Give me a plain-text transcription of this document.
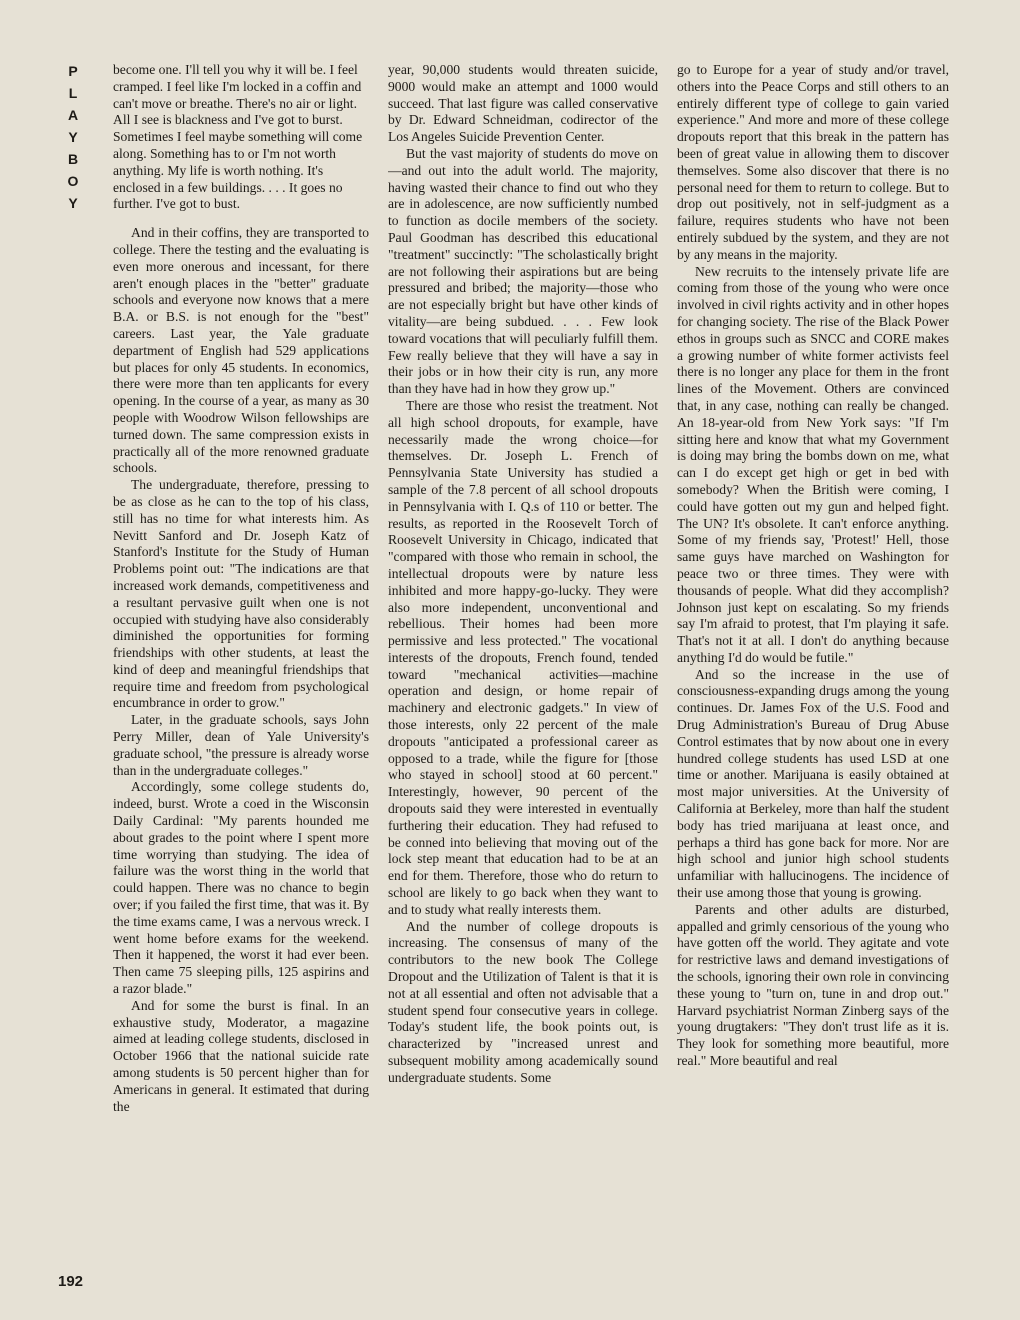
P
L
A
Y
B
O
Y

become one. I'll tell you why it will be. I feel cramped. I feel like I'm locked in a coffin and can't move or breathe. There's no air or light. All I see is blackness and I've got to burst. Sometimes I feel maybe something will come along. Something has to or I'm not worth anything. My life is worth nothing. It's enclosed in a few buildings. . . . It goes no further. I've got to bust.

And in their coffins, they are transported to college. There the testing and the evaluating is even more onerous and incessant, for there aren't enough places in the "better" graduate schools and everyone now knows that a mere B.A. or B.S. is not enough for the "best" careers. Last year, the Yale graduate department of English had 529 applications but places for only 45 students. In economics, there were more than ten applicants for every opening. In the course of a year, as many as 30 people with Woodrow Wilson fellowships are turned down. The same compression exists in practically all of the more renowned graduate schools.

The undergraduate, therefore, pressing to be as close as he can to the top of his class, still has no time for what interests him. As Nevitt Sanford and Dr. Joseph Katz of Stanford's Institute for the Study of Human Problems point out: "The indications are that increased work demands, competitiveness and a resultant pervasive guilt when one is not occupied with studying have also considerably diminished the opportunities for forming friendships with other students, at least the kind of deep and meaningful friendships that require time and freedom from psychological encumbrance in order to grow."

Later, in the graduate schools, says John Perry Miller, dean of Yale University's graduate school, "the pressure is already worse than in the undergraduate colleges."

Accordingly, some college students do, indeed, burst. Wrote a coed in the Wisconsin Daily Cardinal: "My parents hounded me about grades to the point where I spent more time worrying than studying. The idea of failure was the worst thing in the world that could happen. There was no chance to begin over; if you failed the first time, that was it. By the time exams came, I was a nervous wreck. I went home before exams for the weekend. Then it happened, the worst it had ever been. Then came 75 sleeping pills, 125 aspirins and a razor blade."

And for some the burst is final. In an exhaustive study, Moderator, a magazine aimed at leading college students, disclosed in October 1966 that the national suicide rate among students is 50 percent higher than for Americans in general. It estimated that during the

year, 90,000 students would threaten suicide, 9000 would make an attempt and 1000 would succeed. That last figure was called conservative by Dr. Edward Schneidman, codirector of the Los Angeles Suicide Prevention Center.

But the vast majority of students do move on—and out into the adult world. The majority, having wasted their chance to find out who they are in adolescence, are now sufficiently numbed to function as docile members of the society. Paul Goodman has described this educational "treatment" succinctly: "The scholastically bright are not following their aspirations but are being pressured and bribed; the majority—those who are not especially bright but have other kinds of vitality—are being subdued. . . . Few look toward vocations that will peculiarly fulfill them. Few really believe that they will have a say in their jobs or in how their city is run, any more than they have had in how they grow up."

There are those who resist the treatment. Not all high school dropouts, for example, have necessarily made the wrong choice—for themselves. Dr. Joseph L. French of Pennsylvania State University has studied a sample of the 7.8 percent of all school dropouts in Pennsylvania with I. Q.s of 110 or better. The results, as reported in the Roosevelt Torch of Roosevelt University in Chicago, indicated that "compared with those who remain in school, the intellectual dropouts were by nature less inhibited and more happy-go-lucky. They were also more independent, unconventional and rebellious. Their homes had been more permissive and less protected." The vocational interests of the dropouts, French found, tended toward "mechanical activities—machine operation and design, or home repair of machinery and electronic gadgets." In view of those interests, only 22 percent of the male dropouts "anticipated a professional career as opposed to a trade, while the figure for [those who stayed in school] stood at 60 percent." Interestingly, however, 90 percent of the dropouts said they were interested in eventually furthering their education. They had refused to be conned into believing that moving out of the lock step meant that education had to be at an end for them. Therefore, those who do return to school are likely to go back when they want to and to study what really interests them.

And the number of college dropouts is increasing. The consensus of many of the contributors to the new book The College Dropout and the Utilization of Talent is that it is not at all essential and often not advisable that a student spend four consecutive years in college. Today's student life, the book points out, is characterized by "increased unrest and subsequent mobility among academically sound undergraduate students. Some

go to Europe for a year of study and/or travel, others into the Peace Corps and still others to an entirely different type of college to gain varied experience." And more and more of these college dropouts report that this break in the pattern has been of great value in allowing them to discover themselves. Some also discover that there is no personal need for them to return to college. But to drop out positively, not in self-judgment as a failure, requires students who have not been entirely subdued by the system, and they are not by any means in the majority.

New recruits to the intensely private life are coming from those of the young who were once involved in civil rights activity and in other hopes for changing society. The rise of the Black Power ethos in groups such as SNCC and CORE makes a growing number of white former activists feel there is no longer any place for them in the front lines of the Movement. Others are convinced that, in any case, nothing can really be changed. An 18-year-old from New York says: "If I'm sitting here and know that what my Government is doing may bring the bombs down on me, what can I do except get high or get in bed with somebody? When the British were coming, I could have gotten out my gun and helped fight. The UN? It's obsolete. It can't enforce anything. Some of my friends say, 'Protest!' Hell, those same guys have marched on Washington for peace two or three times. They were with thousands of people. What did they accomplish? Johnson just kept on escalating. So my friends say I'm afraid to protest, that I'm playing it safe. That's not it at all. I don't do anything because anything I'd do would be futile."

And so the increase in the use of consciousness-expanding drugs among the young continues. Dr. James Fox of the U.S. Food and Drug Administration's Bureau of Drug Abuse Control estimates that by now about one in every hundred college students has used LSD at one time or another. Marijuana is easily obtained at most major universities. At the University of California at Berkeley, more than half the student body has tried marijuana at least once, and perhaps a third has gone back for more. Nor are high school and junior high school students unfamiliar with hallucinogens. The incidence of their use among those that young is growing.

Parents and other adults are disturbed, appalled and grimly censorious of the young who have gotten off the world. They agitate and vote for restrictive laws and demand investigations of the schools, ignoring their own role in convincing these young to "turn on, tune in and drop out." Harvard psychiatrist Norman Zinberg says of the young drugtakers: "They don't trust life as it is. They look for something more beautiful, more real." More beautiful and real

192
